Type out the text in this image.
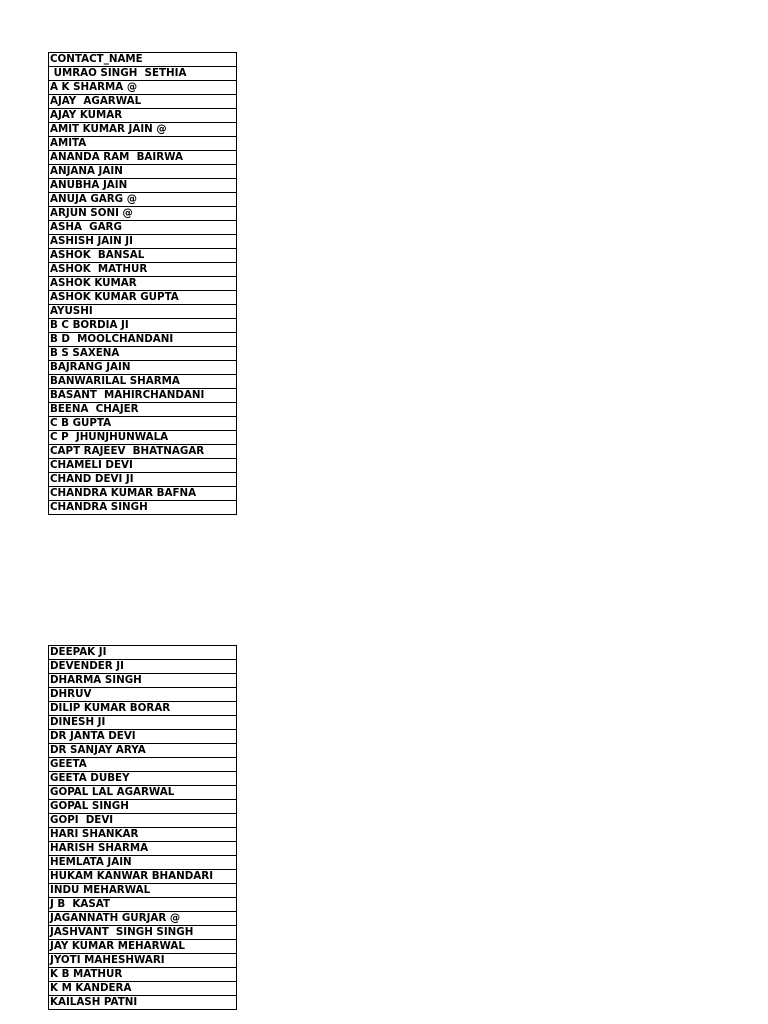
CONTACT_NAME
UMRAO SINGH  SETHIA
A K SHARMA @
AJAY  AGARWAL
AJAY KUMAR
AMIT KUMAR JAIN @
AMITA
ANANDA RAM  BAIRWA
ANJANA JAIN
ANUBHA JAIN
ANUJA GARG @
ARJUN SONI @
ASHA  GARG
ASHISH JAIN JI
ASHOK  BANSAL
ASHOK  MATHUR
ASHOK KUMAR
ASHOK KUMAR GUPTA
AYUSHI
B C BORDIA JI
B D  MOOLCHANDANI
B S SAXENA
BAJRANG JAIN
BANWARILAL SHARMA
BASANT  MAHIRCHANDANI
BEENA  CHAJER
C B GUPTA
C P  JHUNJHUNWALA
CAPT RAJEEV  BHATNAGAR
CHAMELI DEVI
CHAND DEVI JI
CHANDRA KUMAR BAFNA
CHANDRA SINGH
DEEPAK JI
DEVENDER JI
DHARMA SINGH
DHRUV
DILIP KUMAR BORAR
DINESH JI
DR JANTA DEVI
DR SANJAY ARYA
GEETA
GEETA DUBEY
GOPAL LAL AGARWAL
GOPAL SINGH
GOPI  DEVI
HARI SHANKAR
HARISH SHARMA
HEMLATA JAIN
HUKAM KANWAR BHANDARI
INDU MEHARWAL
J B  KASAT
JAGANNATH GURJAR @
JASHVANT  SINGH SINGH
JAY KUMAR MEHARWAL
JYOTI MAHESHWARI
K B MATHUR
K M KANDERA
KAILASH PATNI
